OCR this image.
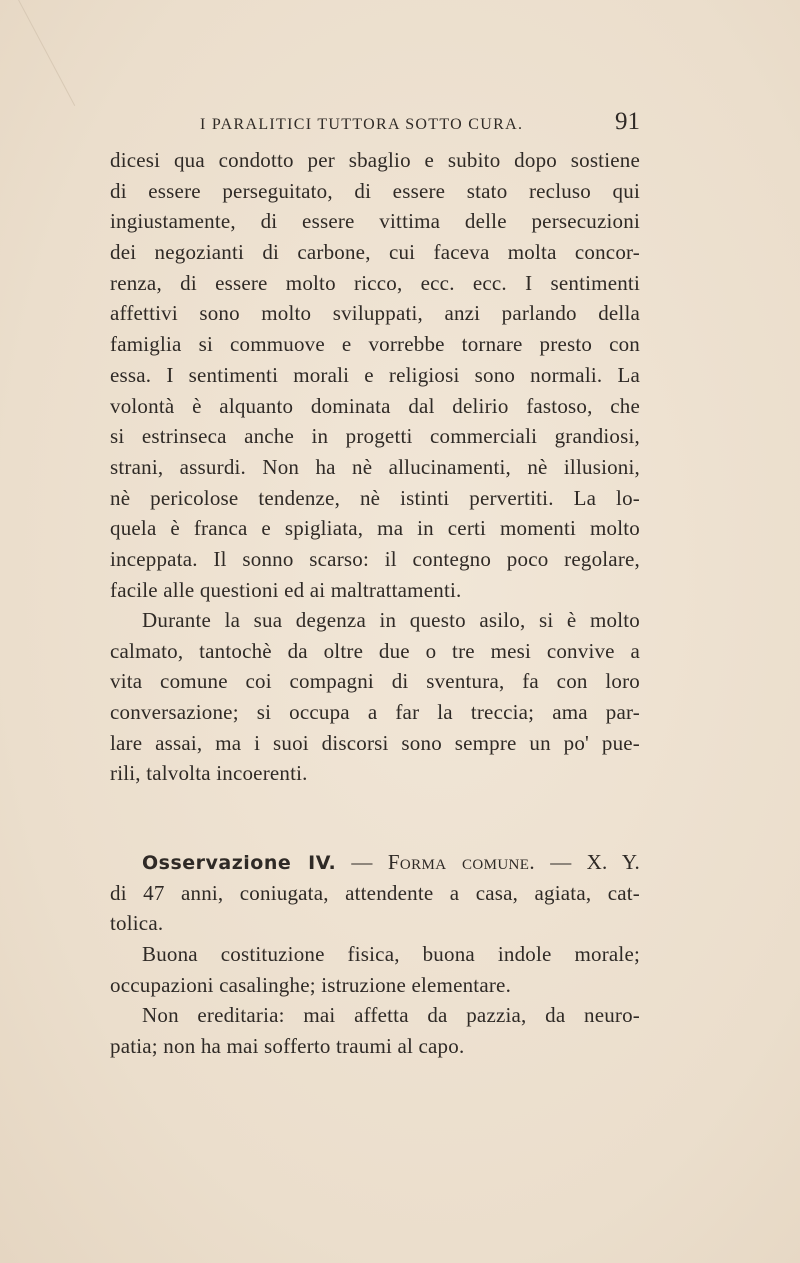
I PARALITICI TUTTORA SOTTO CURA.	91
dicesi qua condotto per sbaglio e subito dopo sostiene
di essere perseguitato, di essere stato recluso qui
ingiustamente, di essere vittima delle persecuzioni
dei negozianti di carbone, cui faceva molta concor-
renza, di essere molto ricco, ecc. ecc. I sentimenti
affettivi sono molto sviluppati, anzi parlando della
famiglia si commuove e vorrebbe tornare presto con
essa. I sentimenti morali e religiosi sono normali. La
volontà è alquanto dominata dal delirio fastoso, che
si estrinseca anche in progetti commerciali grandiosi,
strani, assurdi. Non ha nè allucinamenti, nè illusioni,
nè pericolose tendenze, nè istinti pervertiti. La lo-
quela è franca e spigliata, ma in certi momenti molto
inceppata. Il sonno scarso: il contegno poco regolare,
facile alle questioni ed ai maltrattamenti.
Durante la sua degenza in questo asilo, si è molto
calmato, tantochè da oltre due o tre mesi convive a
vita comune coi compagni di sventura, fa con loro
conversazione; si occupa a far la treccia; ama par-
lare assai, ma i suoi discorsi sono sempre un po' pue-
rili, talvolta incoerenti.
Osservazione IV. — Forma comune. — X. Y.
di 47 anni, coniugata, attendente a casa, agiata, cat-
tolica.
Buona costituzione fisica, buona indole morale;
occupazioni casalinghe; istruzione elementare.
Non ereditaria: mai affetta da pazzia, da neuro-
patia; non ha mai sofferto traumi al capo.
